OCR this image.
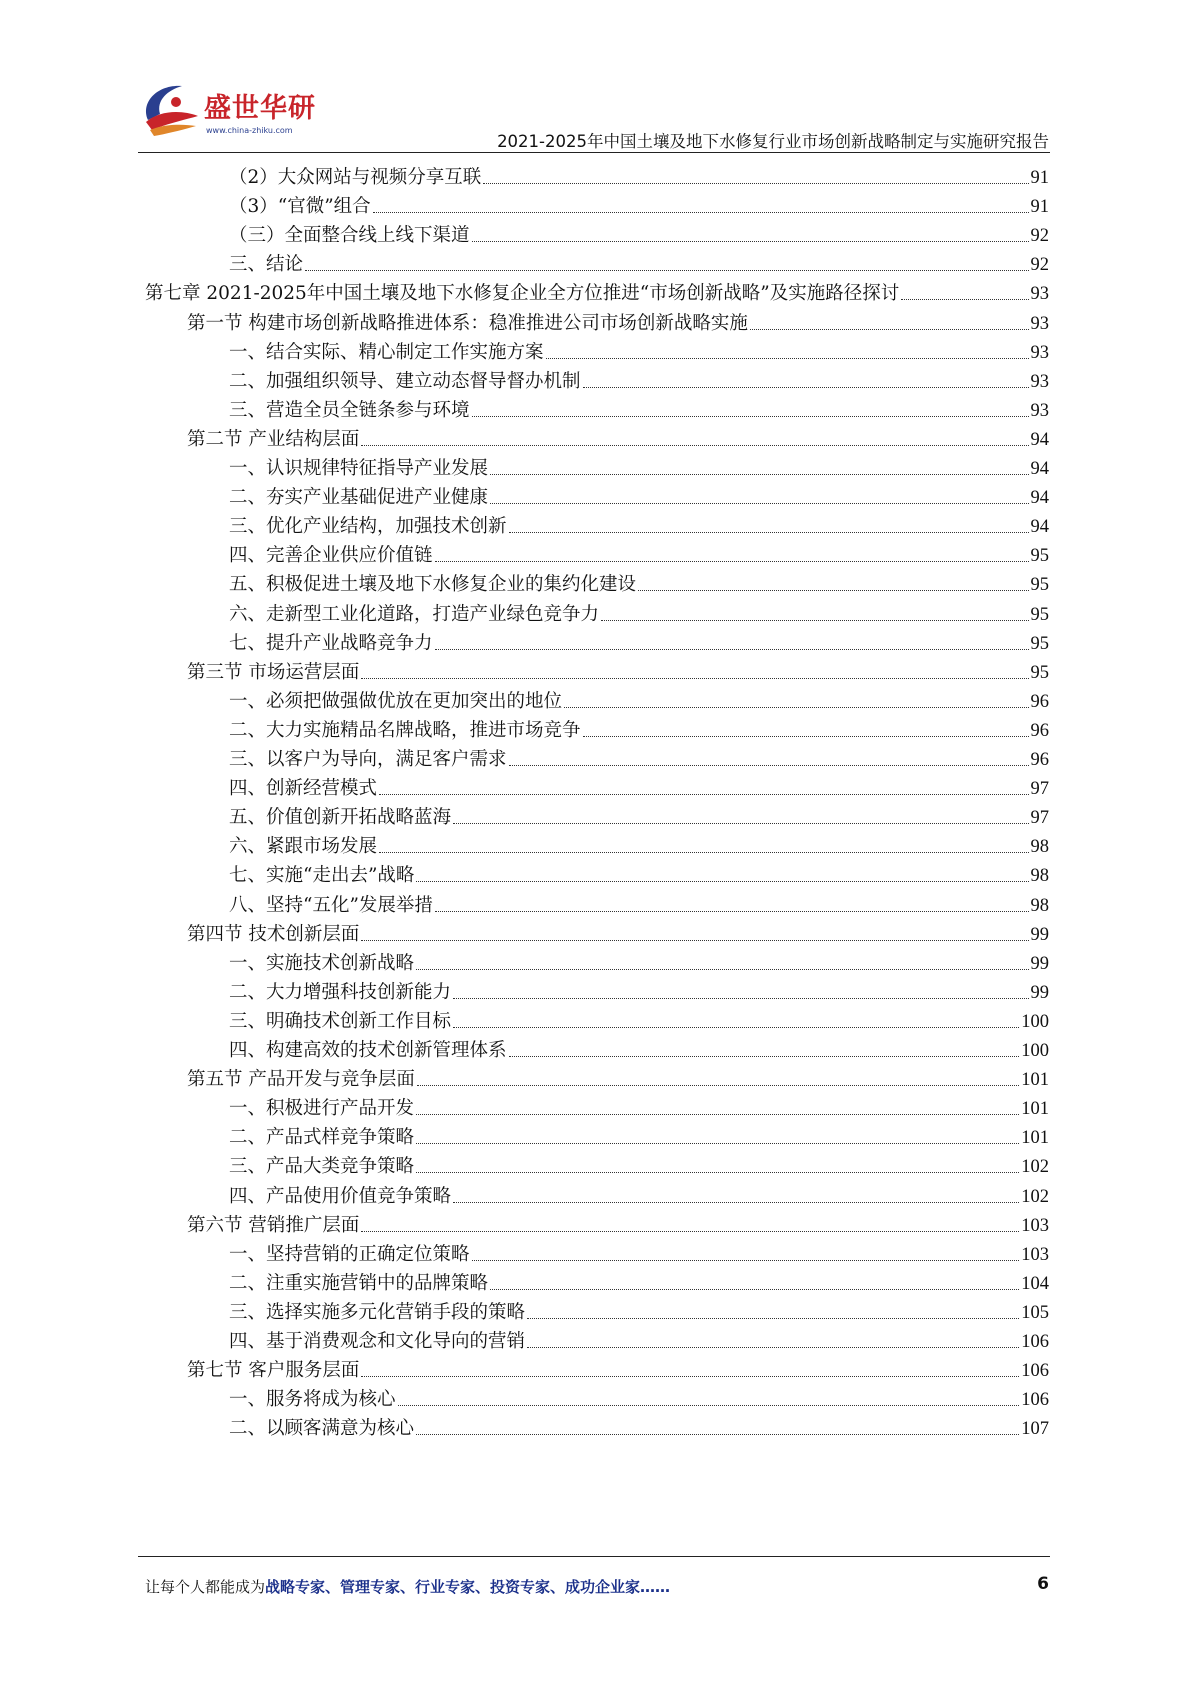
盛世华研
www.china-zhiku.com
2021-2025年中国土壤及地下水修复行业市场创新战略制定与实施研究报告
（2）大众网站与视频分享互联	91
（3）“官微”组合	91
（三）全面整合线上线下渠道	92
三、结论	92
第七章 2021-2025年中国土壤及地下水修复企业全方位推进“市场创新战略”及实施路径探讨	93
第一节 构建市场创新战略推进体系：稳准推进公司市场创新战略实施	93
一、结合实际、精心制定工作实施方案	93
二、加强组织领导、建立动态督导督办机制	93
三、营造全员全链条参与环境	93
第二节 产业结构层面	94
一、认识规律特征指导产业发展	94
二、夯实产业基础促进产业健康	94
三、优化产业结构，加强技术创新	94
四、完善企业供应价值链	95
五、积极促进土壤及地下水修复企业的集约化建设	95
六、走新型工业化道路，打造产业绿色竞争力	95
七、提升产业战略竞争力	95
第三节 市场运营层面	95
一、必须把做强做优放在更加突出的地位	96
二、大力实施精品名牌战略，推进市场竞争	96
三、以客户为导向，满足客户需求	96
四、创新经营模式	97
五、价值创新开拓战略蓝海	97
六、紧跟市场发展	98
七、实施“走出去”战略	98
八、坚持“五化”发展举措	98
第四节 技术创新层面	99
一、实施技术创新战略	99
二、大力增强科技创新能力	99
三、明确技术创新工作目标	100
四、构建高效的技术创新管理体系	100
第五节 产品开发与竞争层面	101
一、积极进行产品开发	101
二、产品式样竞争策略	101
三、产品大类竞争策略	102
四、产品使用价值竞争策略	102
第六节 营销推广层面	103
一、坚持营销的正确定位策略	103
二、注重实施营销中的品牌策略	104
三、选择实施多元化营销手段的策略	105
四、基于消费观念和文化导向的营销	106
第七节 客户服务层面	106
一、服务将成为核心	106
二、以顾客满意为核心	107
让每个人都能成为战略专家、管理专家、行业专家、投资专家、成功企业家……	6
